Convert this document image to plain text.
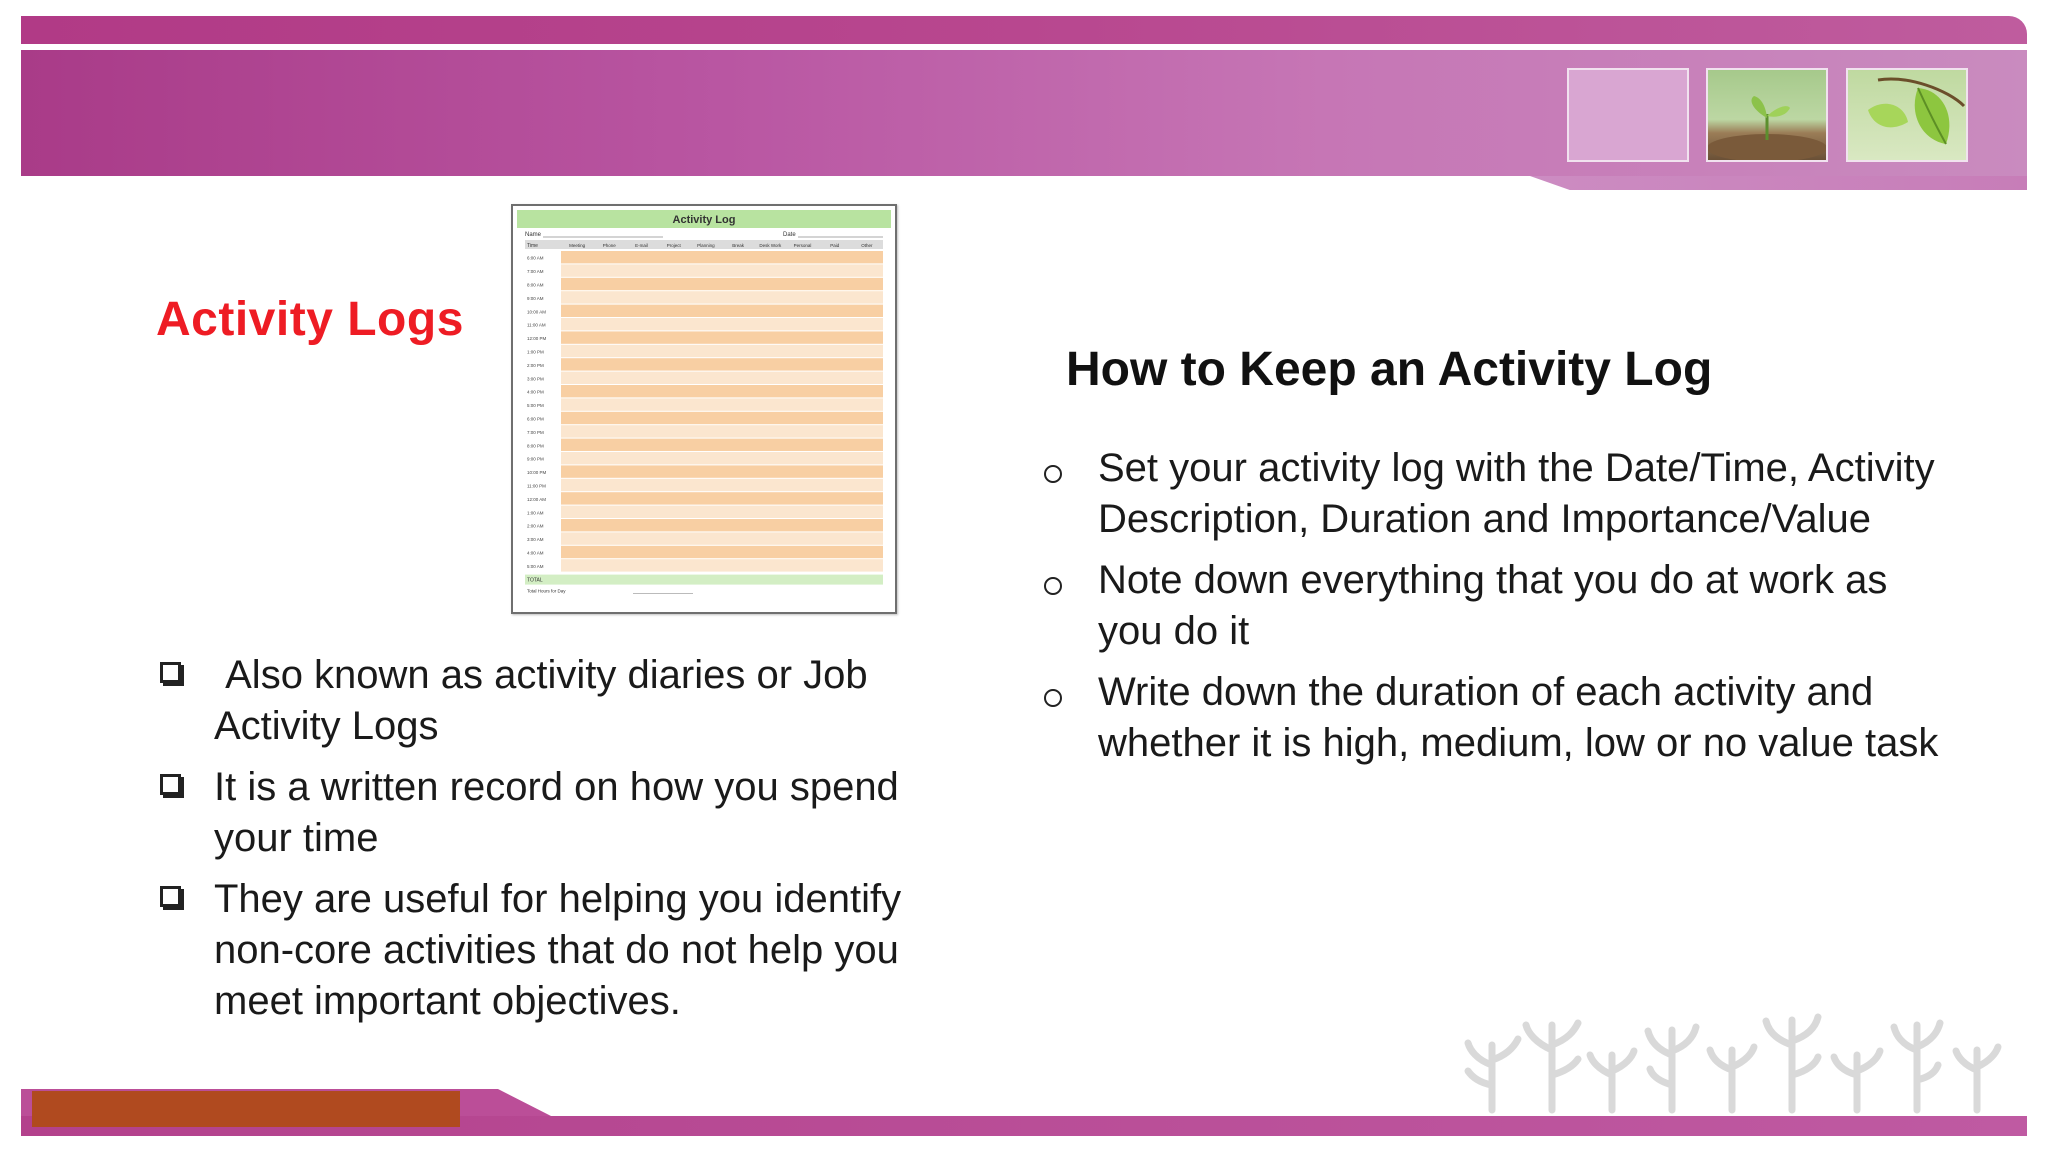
Activity Logs
Activity Log
Name	Date
Time	Meeting	Phone	E-mail	Project	Planning	Break	Desk Work	Personal	Paid	Other
6:00 AM
7:00 AM
8:00 AM
9:00 AM
10:00 AM
11:00 AM
12:00 PM
1:00 PM
2:00 PM
3:00 PM
4:00 PM
5:00 PM
6:00 PM
7:00 PM
8:00 PM
9:00 PM
10:00 PM
11:00 PM
12:00 AM
1:00 AM
2:00 AM
3:00 AM
4:00 AM
5:00 AM
TOTAL
Total Hours for Day
Also known as activity diaries or Job Activity Logs
It is a written record on how you spend your time
They are useful for helping you identify non-core activities that do not help you meet important objectives.
How to Keep an Activity Log
Set your activity log with the Date/Time, Activity Description, Duration and Importance/Value
Note down everything that you do at work as you do it
Write down the duration of each activity and whether it is high, medium, low or no value task
